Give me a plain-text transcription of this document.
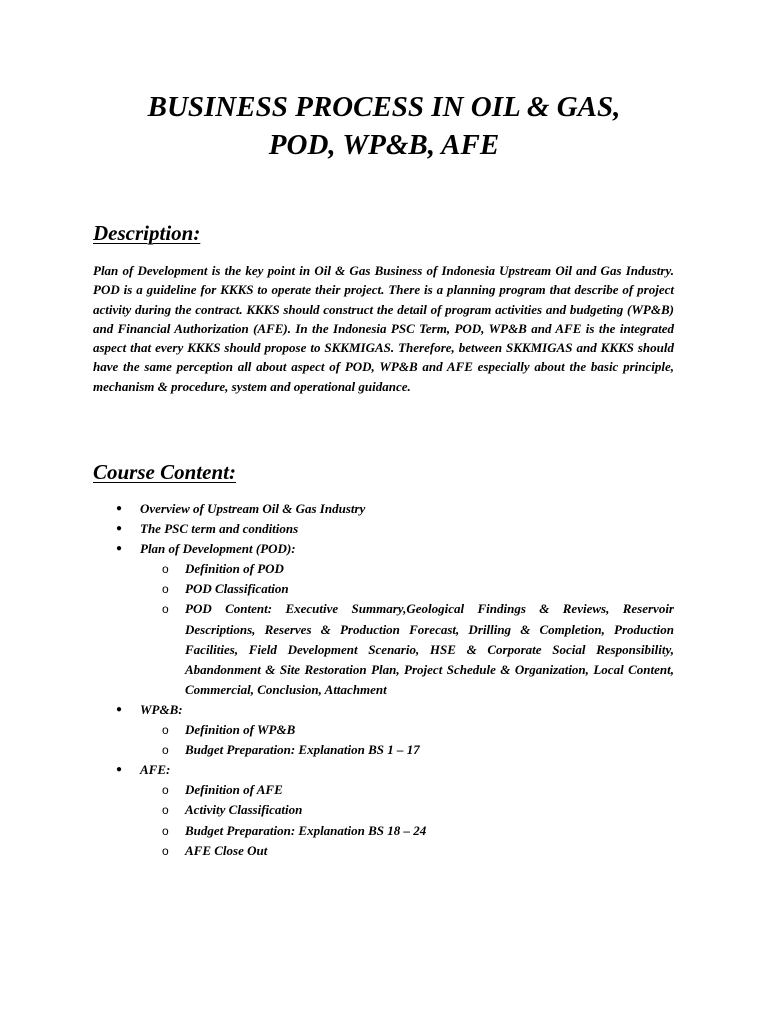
BUSINESS PROCESS IN OIL & GAS,
POD, WP&B, AFE
Description:

Plan of Development is the key point in Oil & Gas Business of Indonesia Upstream Oil and Gas Industry. POD is a guideline for KKKS to operate their project. There is a planning program that describe of project activity during the contract. KKKS should construct the detail of program activities and budgeting (WP&B) and Financial Authorization (AFE). In the Indonesia PSC Term, POD, WP&B and AFE is the integrated aspect that every KKKS should propose to SKKMIGAS. Therefore, between SKKMIGAS and KKKS should have the same perception all about aspect of POD, WP&B and AFE especially about the basic principle, mechanism & procedure, system and operational guidance.

Course Content:
● Overview of Upstream Oil & Gas Industry
● The PSC term and conditions
● Plan of Development (POD):
o Definition of POD
o POD Classification
o POD Content: Executive Summary,Geological Findings & Reviews, Reservoir Descriptions, Reserves & Production Forecast, Drilling & Completion, Production Facilities, Field Development Scenario, HSE & Corporate Social Responsibility, Abandonment & Site Restoration Plan, Project Schedule & Organization, Local Content, Commercial, Conclusion, Attachment
● WP&B:
o Definition of WP&B
o Budget Preparation: Explanation BS 1 – 17
● AFE:
o Definition of AFE
o Activity Classification
o Budget Preparation: Explanation BS 18 – 24
o AFE Close Out
